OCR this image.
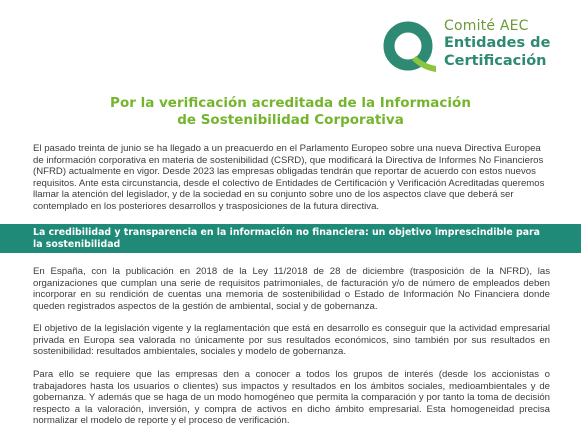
Comité AEC
Entidades de
Certificación
Por la verificación acreditada de la Información
de Sostenibilidad Corporativa

El pasado treinta de junio se ha llegado a un preacuerdo en el Parlamento Europeo sobre una nueva Directiva Europea de información corporativa en materia de sostenibilidad (CSRD), que modificará la Directiva de Informes No Financieros (NFRD) actualmente en vigor. Desde 2023 las empresas obligadas tendrán que reportar de acuerdo con estos nuevos requisitos. Ante esta circunstancia, desde el colectivo de Entidades de Certificación y Verificación Acreditadas queremos llamar la atención del legislador, y de la sociedad en su conjunto sobre uno de los aspectos clave que deberá ser contemplado en los posteriores desarrollos y trasposiciones de la futura directiva.

La credibilidad y transparencia en la información no financiera: un objetivo imprescindible para la sostenibilidad

En España, con la publicación en 2018 de la Ley 11/2018 de 28 de diciembre (trasposición de la NFRD), las organizaciones que cumplan una serie de requisitos patrimoniales, de facturación y/o de número de empleados deben incorporar en su rendición de cuentas una memoria de sostenibilidad o Estado de Información No Financiera donde queden registrados aspectos de la gestión de ambiental, social y de gobernanza.

El objetivo de la legislación vigente y la reglamentación que está en desarrollo es conseguir que la actividad empresarial privada en Europa sea valorada no únicamente por sus resultados económicos, sino también por sus resultados en sostenibilidad: resultados ambientales, sociales y modelo de gobernanza.

Para ello se requiere que las empresas den a conocer a todos los grupos de interés (desde los accionistas o trabajadores hasta los usuarios o clientes) sus impactos y resultados en los ámbitos sociales, medioambientales y de gobernanza. Y además que se haga de un modo homogéneo que permita la comparación y por tanto la toma de decisión respecto a la valoración, inversión, y compra de activos en dicho ámbito empresarial. Esta homogeneidad precisa normalizar el modelo de reporte y el proceso de verificación.
